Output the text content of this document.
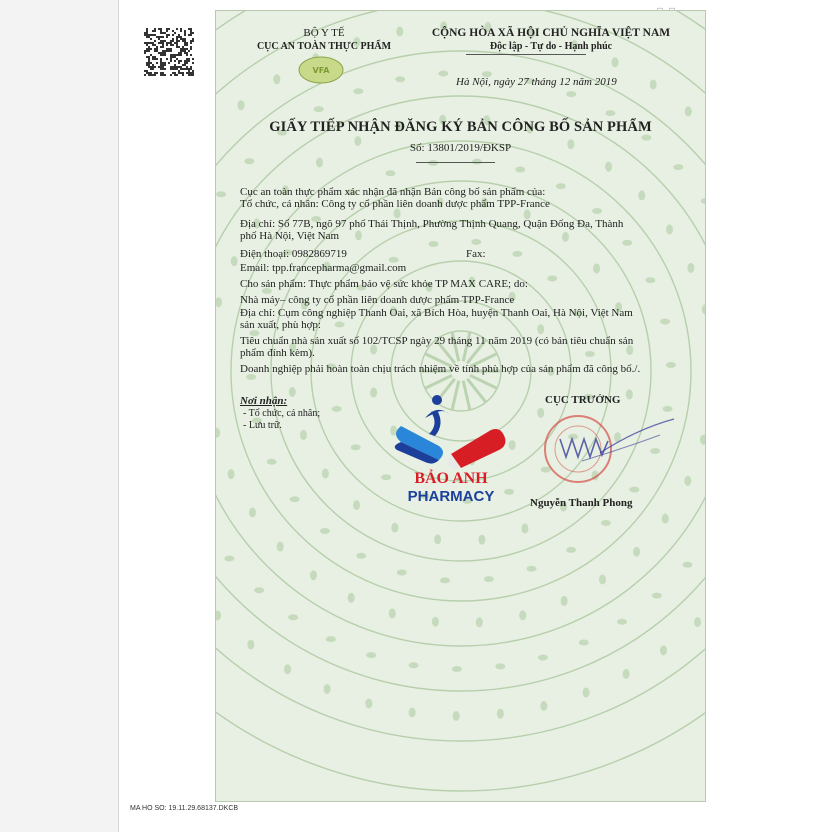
BỘ Y TẾ
CỤC AN TOÀN THỰC PHẨM
VFA
CỘNG HÒA XÃ HỘI CHỦ NGHĨA VIỆT NAM
Độc lập - Tự do - Hạnh phúc
Hà Nội, ngày 27 tháng 12 năm 2019
GIẤY TIẾP NHẬN ĐĂNG KÝ BẢN CÔNG BỐ SẢN PHẨM
Số: 13801/2019/ĐKSP
Cục an toàn thực phẩm xác nhận đã nhận Bản công bố sản phẩm của:
Tổ chức, cá nhân: Công ty cổ phần liên doanh dược phẩm TPP-France
Địa chỉ: Số 77B, ngõ 97 phố Thái Thịnh, Phường Thịnh Quang, Quận Đống Đa, Thành
phố Hà Nội, Việt Nam
Điện thoại: 0982869719	Fax:
Email: tpp.francepharma@gmail.com
Cho sản phẩm: Thực phẩm bảo vệ sức khỏe TP MAX CARE; do:
Nhà máy– công ty cổ phần liên doanh dược phẩm TPP-France
Địa chỉ: Cụm công nghiệp Thanh Oai, xã Bích Hòa, huyện Thanh Oai, Hà Nội, Việt Nam
sản xuất, phù hợp:
Tiêu chuẩn nhà sản xuất số 102/TCSP ngày 29 tháng 11 năm 2019 (có bản tiêu chuẩn sản
phẩm đính kèm).
Doanh nghiệp phải hoàn toàn chịu trách nhiệm về tính phù hợp của sản phẩm đã công bố./.
Nơi nhận:
- Tổ chức, cá nhân;
- Lưu trữ.
CỤC TRƯỞNG
Nguyễn Thanh Phong
BẢO ANH
PHARMACY
MA HO SO: 19.11.29.68137.DKCB
